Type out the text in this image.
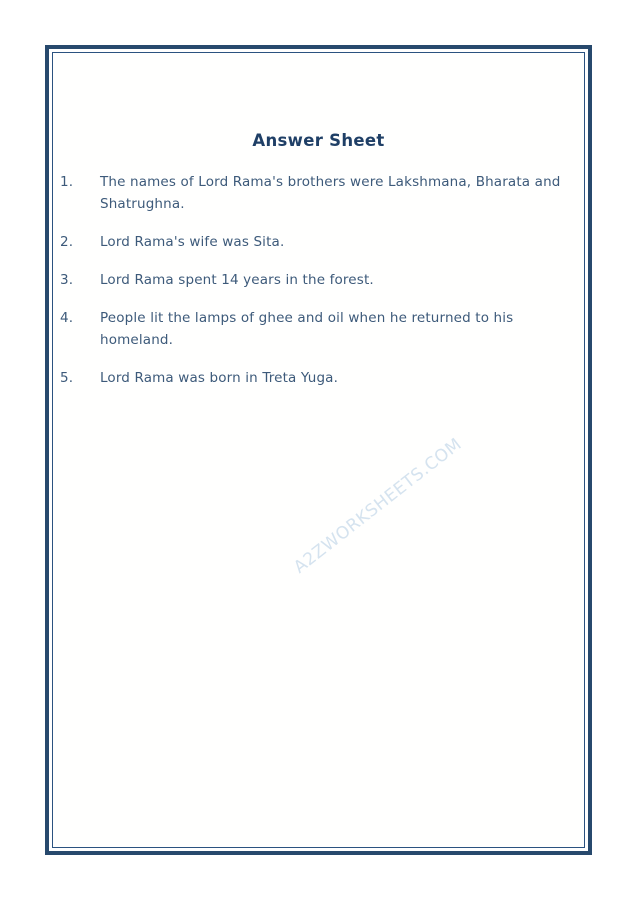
Answer Sheet
1.	The names of Lord Rama's brothers were Lakshmana, Bharata and Shatrughna.
2.	Lord Rama's wife was Sita.
3.	Lord Rama spent 14 years in the forest.
4.	People lit the lamps of ghee and oil when he returned to his homeland.
5.	Lord Rama was born in Treta Yuga.
A2ZWORKSHEETS.COM
